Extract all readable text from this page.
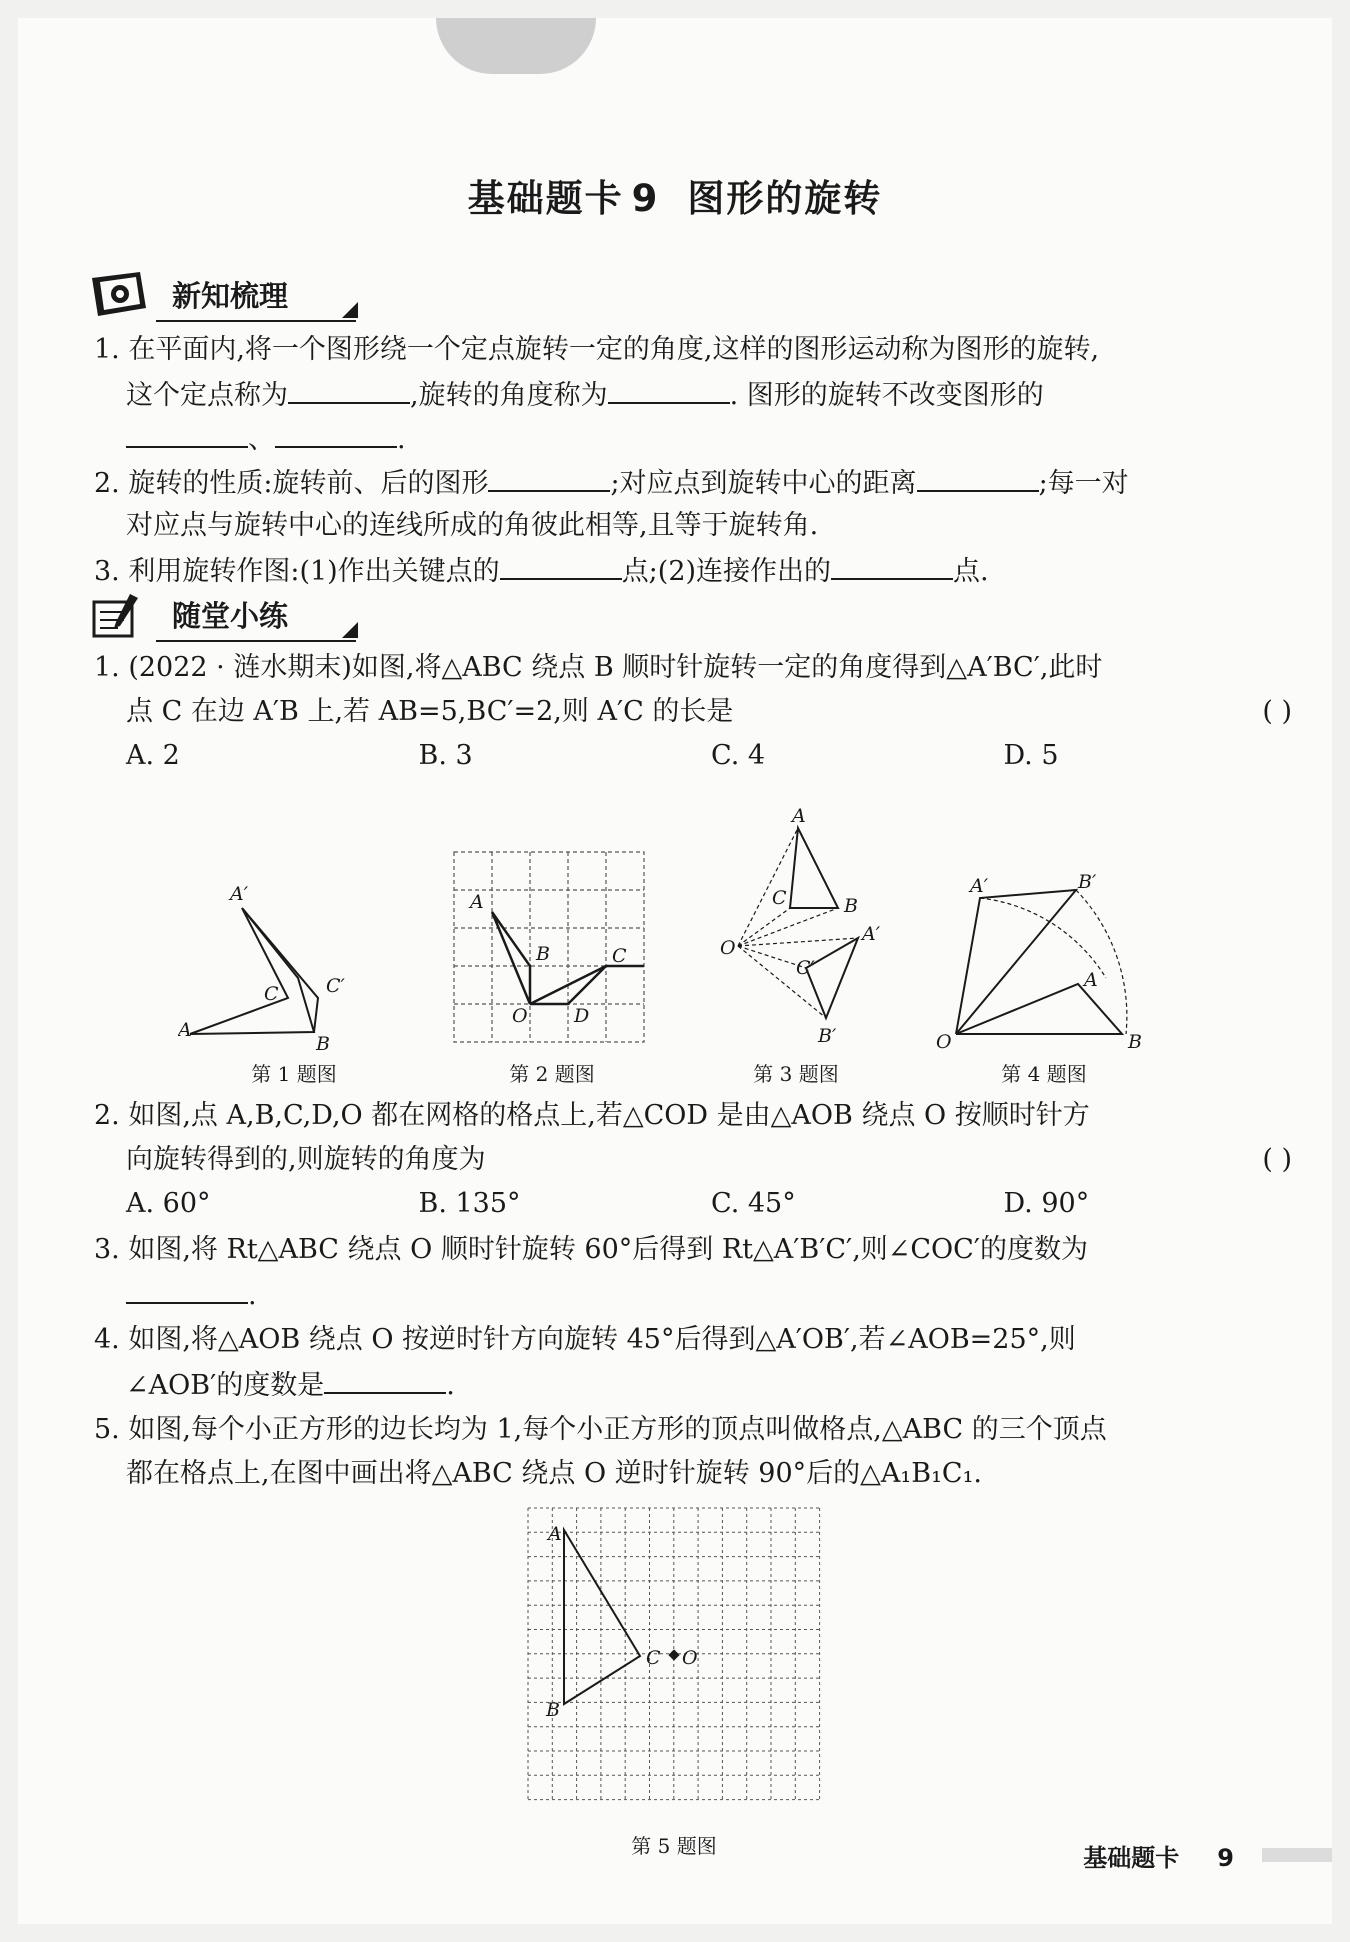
基础题卡 9 图形的旋转
新知梳理
1. 在平面内,将一个图形绕一个定点旋转一定的角度,这样的图形运动称为图形的旋转,
这个定点称为	,旋转的角度称为	. 图形的旋转不改变图形的
、	.
2. 旋转的性质:旋转前、后的图形	;对应点到旋转中心的距离	;每一对
对应点与旋转中心的连线所成的角彼此相等,且等于旋转角.
3. 利用旋转作图:(1)作出关键点的	点;(2)连接作出的	点.
随堂小练
1. (2022 · 涟水期末)如图,将△ABC 绕点 B 顺时针旋转一定的角度得到△A′BC′,此时
点 C 在边 A′B 上,若 AB=5,BC′=2,则 A′C 的长是	( )
A. 2	B. 3	C. 4	D. 5
A′
C C′
A
B
A
B	C
O D
A
C	B
O
A′
C′
B′
A′	B′
A
O	B
第 1 题图	第 2 题图	第 3 题图	第 4 题图
2. 如图,点 A,B,C,D,O 都在网格的格点上,若△COD 是由△AOB 绕点 O 按顺时针方
向旋转得到的,则旋转的角度为	( )
A. 60°	B. 135°	C. 45°	D. 90°
3. 如图,将 Rt△ABC 绕点 O 顺时针旋转 60°后得到 Rt△A′B′C′,则∠COC′的度数为
.
4. 如图,将△AOB 绕点 O 按逆时针方向旋转 45°后得到△A′OB′,若∠AOB=25°,则
∠AOB′的度数是	.
5. 如图,每个小正方形的边长均为 1,每个小正方形的顶点叫做格点,△ABC 的三个顶点
都在格点上,在图中画出将△ABC 绕点 O 逆时针旋转 90°后的△A₁B₁C₁.
A
C O
B
第 5 题图	基础题卡 9
